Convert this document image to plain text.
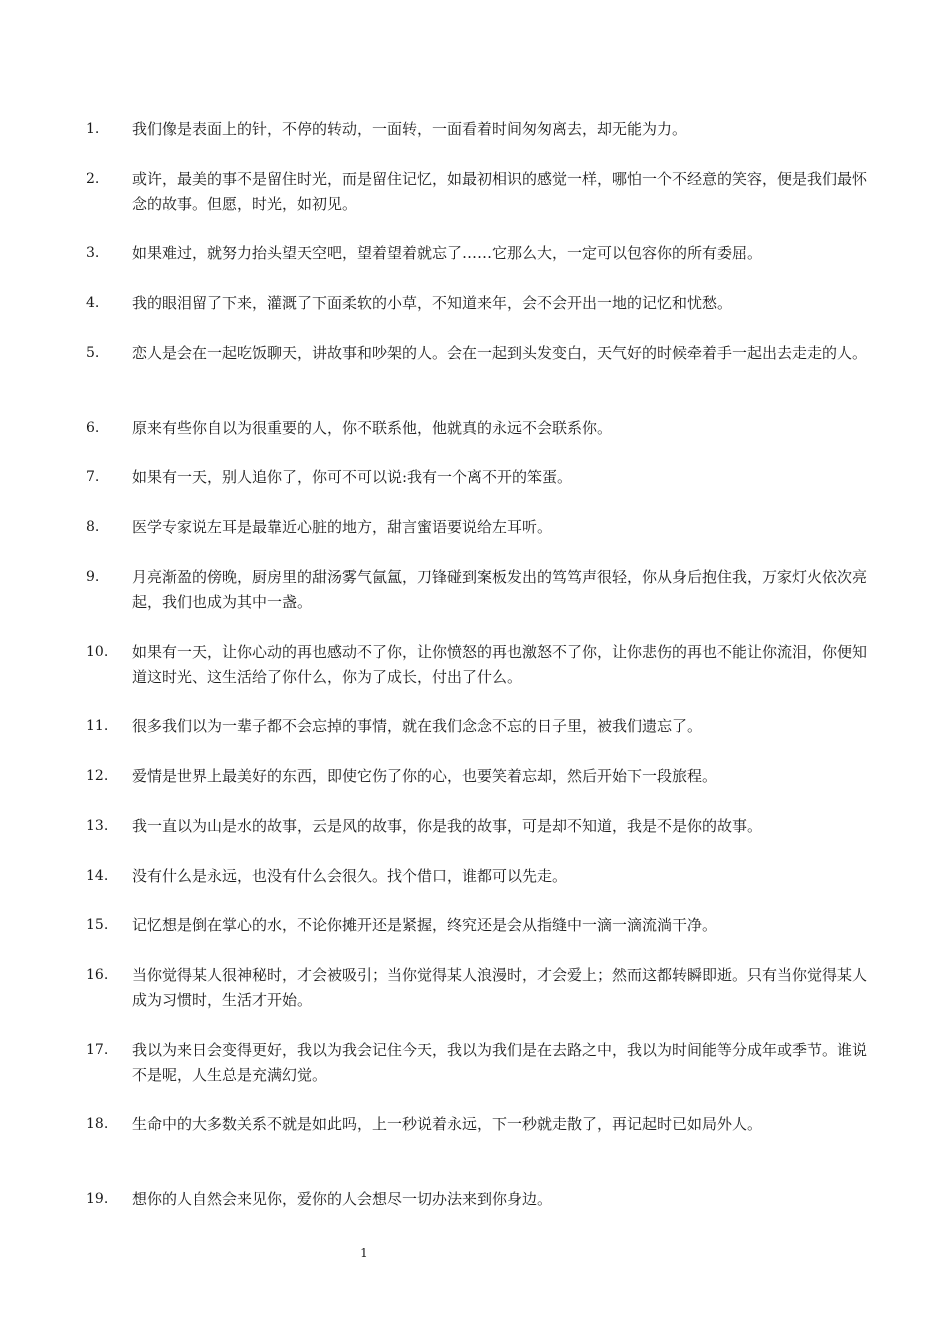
1.	我们像是表面上的针，不停的转动，一面转，一面看着时间匆匆离去，却无能为力。
2.	或许，最美的事不是留住时光，而是留住记忆，如最初相识的感觉一样，哪怕一个不经意的笑容，便是我们最怀念的故事。但愿，时光，如初见。
3.	如果难过，就努力抬头望天空吧，望着望着就忘了……它那么大，一定可以包容你的所有委屈。
4.	我的眼泪留了下来，灌溉了下面柔软的小草，不知道来年，会不会开出一地的记忆和忧愁。
5.	恋人是会在一起吃饭聊天，讲故事和吵架的人。会在一起到头发变白，天气好的时候牵着手一起出去走走的人。
6.	原来有些你自以为很重要的人，你不联系他，他就真的永远不会联系你。
7.	如果有一天，别人追你了，你可不可以说:我有一个离不开的笨蛋。
8.	医学专家说左耳是最靠近心脏的地方，甜言蜜语要说给左耳听。
9.	月亮渐盈的傍晚，厨房里的甜汤雾气氤氲，刀锋碰到案板发出的笃笃声很轻，你从身后抱住我，万家灯火依次亮起，我们也成为其中一盏。
10.	如果有一天，让你心动的再也感动不了你，让你愤怒的再也激怒不了你，让你悲伤的再也不能让你流泪，你便知道这时光、这生活给了你什么，你为了成长，付出了什么。
11.	很多我们以为一辈子都不会忘掉的事情，就在我们念念不忘的日子里，被我们遗忘了。
12.	爱情是世界上最美好的东西，即使它伤了你的心，也要笑着忘却，然后开始下一段旅程。
13.	我一直以为山是水的故事，云是风的故事，你是我的故事，可是却不知道，我是不是你的故事。
14.	没有什么是永远，也没有什么会很久。找个借口，谁都可以先走。
15.	记忆想是倒在掌心的水，不论你摊开还是紧握，终究还是会从指缝中一滴一滴流淌干净。
16.	当你觉得某人很神秘时，才会被吸引；当你觉得某人浪漫时，才会爱上；然而这都转瞬即逝。只有当你觉得某人成为习惯时，生活才开始。
17.	我以为来日会变得更好，我以为我会记住今天，我以为我们是在去路之中，我以为时间能等分成年或季节。谁说不是呢，人生总是充满幻觉。
18.	生命中的大多数关系不就是如此吗，上一秒说着永远，下一秒就走散了，再记起时已如局外人。
19.	想你的人自然会来见你，爱你的人会想尽一切办法来到你身边。
1
